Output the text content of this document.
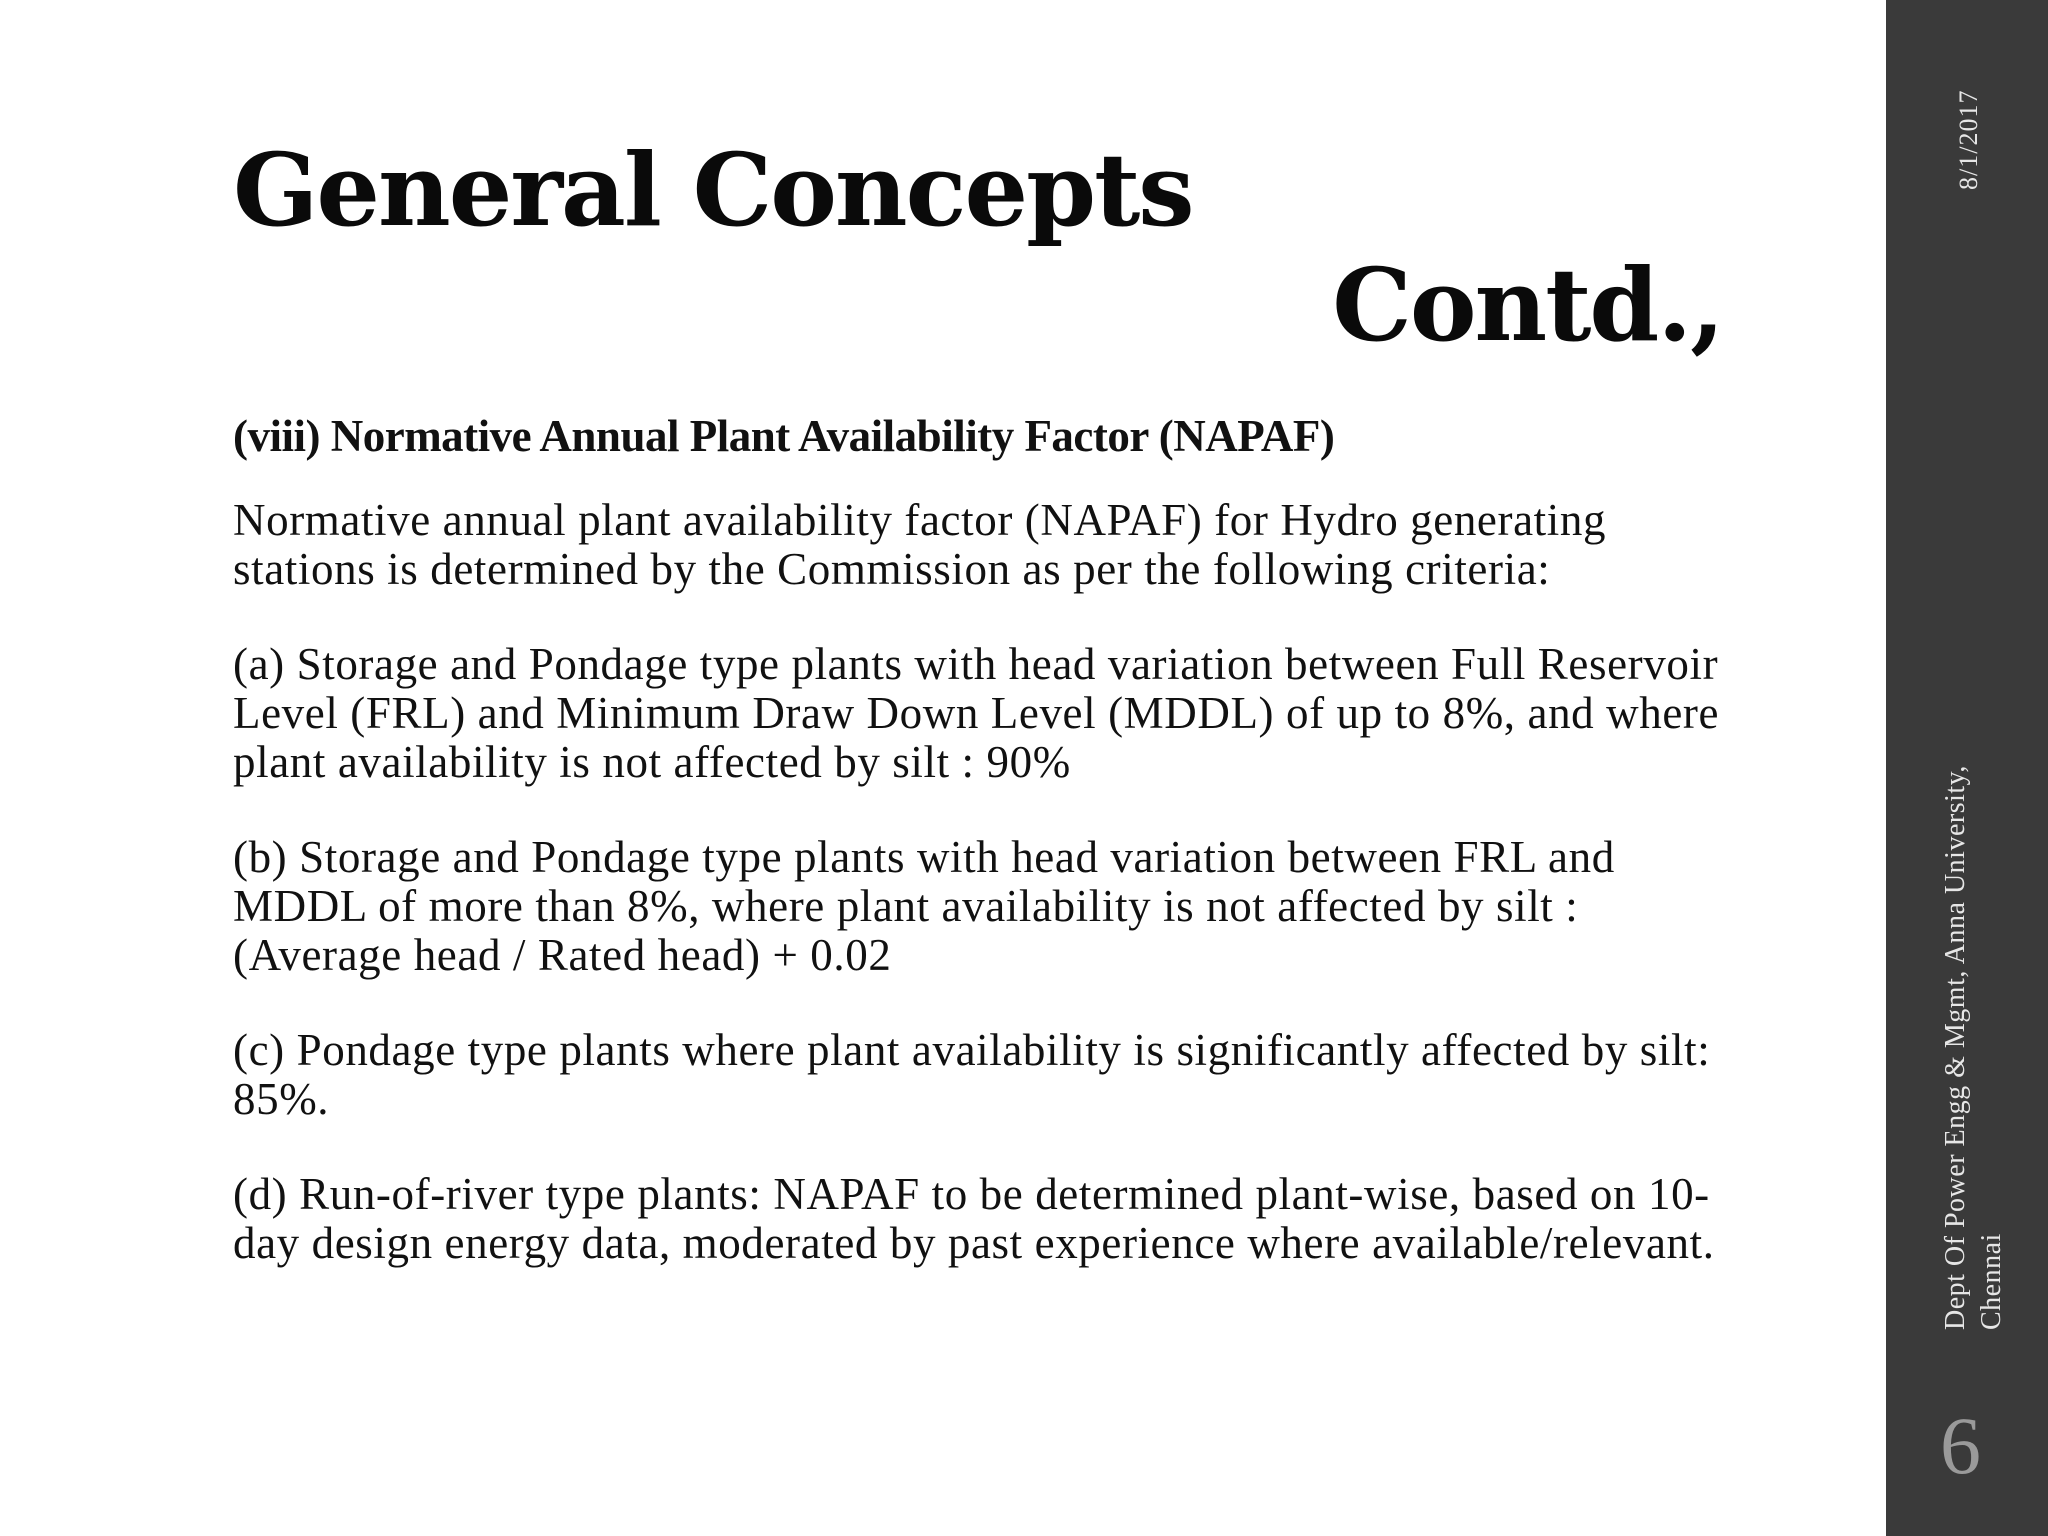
General Concepts
Contd.,
(viii) Normative Annual Plant Availability Factor (NAPAF)
Normative annual plant availability factor (NAPAF) for Hydro generating stations is determined by the Commission as per the following criteria:
(a) Storage and Pondage type plants with head variation between Full Reservoir Level (FRL) and Minimum Draw Down Level (MDDL) of up to 8%, and where plant availability is not affected by silt : 90%
(b) Storage and Pondage type plants with head variation between FRL and MDDL of more than 8%, where plant availability is not affected by silt : (Average head / Rated head) + 0.02
(c) Pondage type plants where plant availability is significantly affected by silt: 85%.
(d) Run-of-river type plants: NAPAF to be determined plant-wise, based on 10-day design energy data, moderated by past experience where available/relevant.
8/1/2017
Dept Of Power Engg & Mgmt, Anna University, Chennai
6
